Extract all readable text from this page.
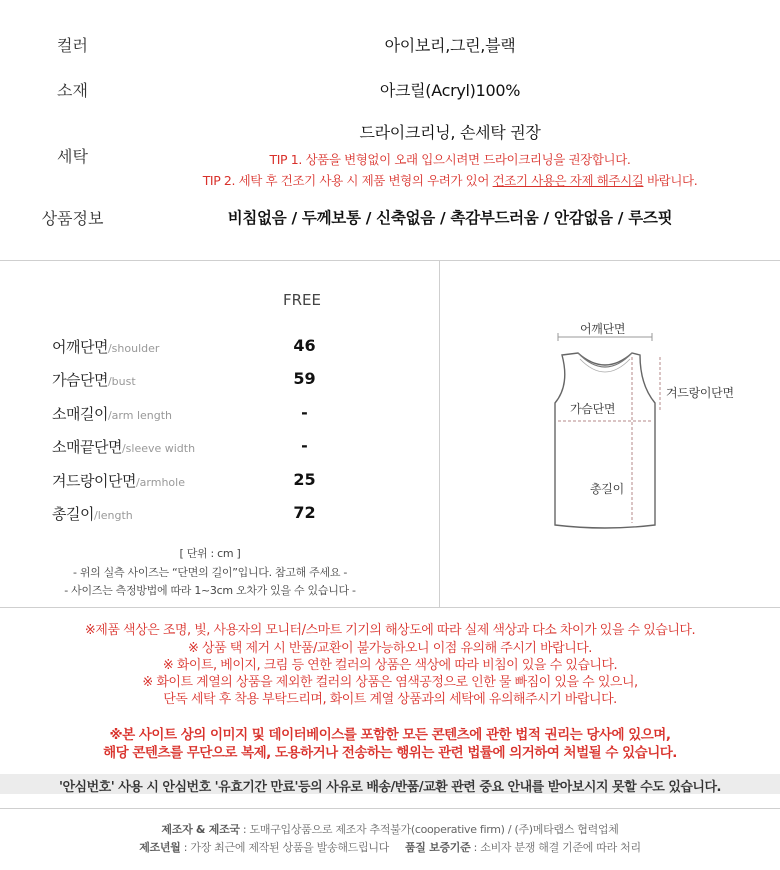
컬러	아이보리,그린,블랙
소재	아크릴(Acryl)100%
세탁
드라이크리닝, 손세탁 권장
TIP 1. 상품을 변형없이 오래 입으시려면 드라이크리닝을 권장합니다.
TIP 2. 세탁 후 건조기 사용 시 제품 변형의 우려가 있어 건조기 사용은 자제 해주시길 바랍니다.
상품정보	비침없음 / 두께보통 / 신축없음 / 촉감부드러움 / 안감없음 / 루즈핏
FREE
어깨단면/shoulder	46
가슴단면/bust	59
소매길이/arm length	-
소매끝단면/sleeve width	-
겨드랑이단면/armhole	25
총길이/length	72
[ 단위 : cm ]
- 위의 실측 사이즈는 “단면의 길이”입니다. 참고해 주세요 -
- 사이즈는 측정방법에 따라 1~3cm 오차가 있을 수 있습니다 -
어깨단면
겨드랑이단면
가슴단면
총길이
※제품 색상은 조명, 빛, 사용자의 모니터/스마트 기기의 해상도에 따라 실제 색상과 다소 차이가 있을 수 있습니다.
※ 상품 택 제거 시 반품/교환이 불가능하오니 이점 유의해 주시기 바랍니다.
※ 화이트, 베이지, 크림 등 연한 컬러의 상품은 색상에 따라 비침이 있을 수 있습니다.
※ 화이트 계열의 상품을 제외한 컬러의 상품은 염색공정으로 인한 물 빠짐이 있을 수 있으니,
단독 세탁 후 착용 부탁드리며, 화이트 계열 상품과의 세탁에 유의해주시기 바랍니다.
※본 사이트 상의 이미지 및 데이터베이스를 포함한 모든 콘텐츠에 관한 법적 권리는 당사에 있으며,
해당 콘텐츠를 무단으로 복제, 도용하거나 전송하는 행위는 관련 법률에 의거하여 처벌될 수 있습니다.
'안심번호' 사용 시 안심번호 '유효기간 만료'등의 사유로 배송/반품/교환 관련 중요 안내를 받아보시지 못할 수도 있습니다.
제조자 & 제조국 : 도매구입상품으로 제조자 추적불가(cooperative firm) / (주)메타랩스 협력업체
제조년월 : 가장 최근에 제작된 상품을 발송해드립니다 품질 보증기준 : 소비자 분쟁 해결 기준에 따라 처리
